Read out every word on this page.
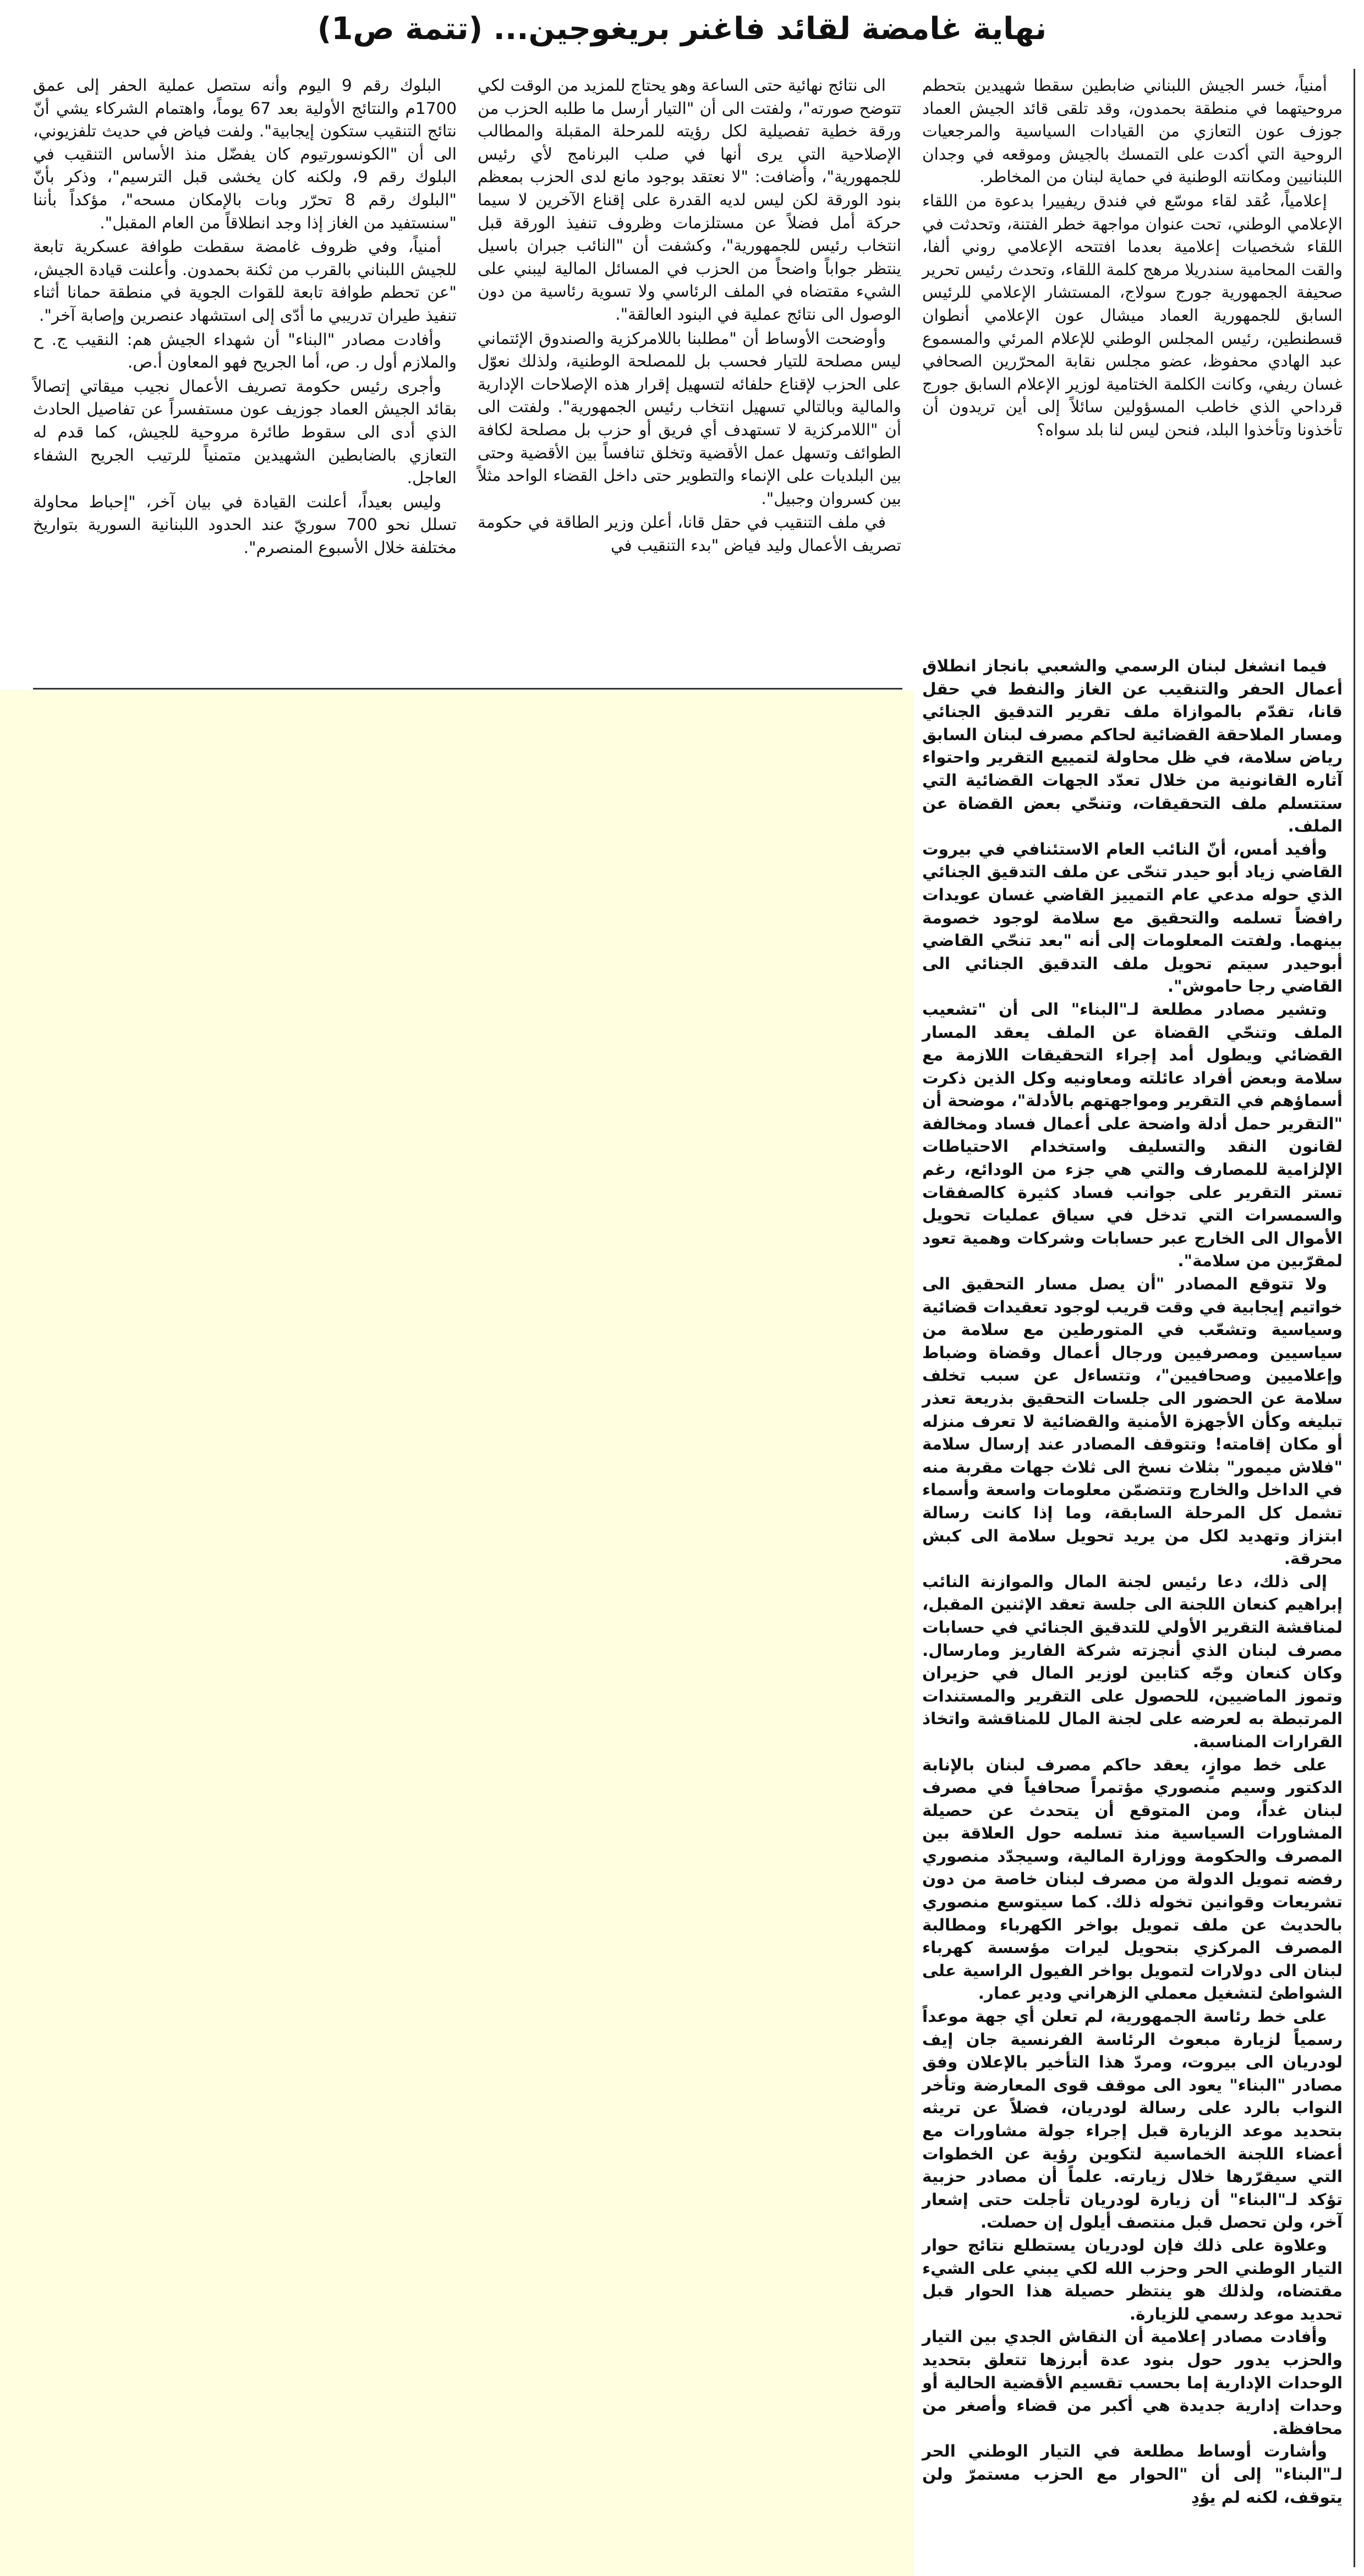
نهاية غامضة لقائد فاغنر بريغوجين... (تتمة ص1)

أمنياً، خسر الجيش اللبناني ضابطين سقطا شهيدين بتحطم مروحيتهما في منطقة بحمدون، وقد تلقى قائد الجيش العماد جوزف عون التعازي من القيادات السياسية والمرجعيات الروحية التي أكدت على التمسك بالجيش وموقعه في وجدان اللبنانيين ومكانته الوطنية في حماية لبنان من المخاطر.

إعلامياً، عُقد لقاء موسّع في فندق ريفييرا بدعوة من اللقاء الإعلامي الوطني، تحت عنوان مواجهة خطر الفتنة، وتحدثت في اللقاء شخصيات إعلامية بعدما افتتحه الإعلامي روني ألفا، والقت المحامية سندريلا مرهج كلمة اللقاء، وتحدث رئيس تحرير صحيفة الجمهورية جورج سولاج، المستشار الإعلامي للرئيس السابق للجمهورية العماد ميشال عون الإعلامي أنطوان قسطنطين، رئيس المجلس الوطني للإعلام المرئي والمسموع عبد الهادي محفوظ، عضو مجلس نقابة المحرّرين الصحافي غسان ريفي، وكانت الكلمة الختامية لوزير الإعلام السابق جورج قرداحي الذي خاطب المسؤولين سائلاً إلى أين تريدون أن تأخذونا وتأخذوا البلد، فنحن ليس لنا بلد سواه؟

فيما انشغل لبنان الرسمي والشعبي بانجاز انطلاق أعمال الحفر والتنقيب عن الغاز والنفط في حقل قانا، تقدّم بالموازاة ملف تقرير التدقيق الجنائي ومسار الملاحقة القضائية لحاكم مصرف لبنان السابق رياض سلامة، في ظل محاولة لتمييع التقرير واحتواء آثاره القانونية من خلال تعدّد الجهات القضائية التي ستتسلم ملف التحقيقات، وتنحّي بعض القضاة عن الملف.

وأفيد أمس، أنّ النائب العام الاستئنافي في بيروت القاضي زياد أبو حيدر تنحّى عن ملف التدقيق الجنائي الذي حوله مدعي عام التمييز القاضي غسان عويدات رافضاً تسلمه والتحقيق مع سلامة لوجود خصومة بينهما. ولفتت المعلومات إلى أنه "بعد تنحّي القاضي أبوحيدر سيتم تحويل ملف التدقيق الجنائي الى القاضي رجا حاموش".

وتشير مصادر مطلعة لـ"البناء" الى أن "تشعيب الملف وتنحّي القضاة عن الملف يعقد المسار القضائي ويطول أمد إجراء التحقيقات اللازمة مع سلامة وبعض أفراد عائلته ومعاونيه وكل الذين ذكرت أسماؤهم في التقرير ومواجهتهم بالأدلة"، موضحة أن "التقرير حمل أدلة واضحة على أعمال فساد ومخالفة لقانون النقد والتسليف واستخدام الاحتياطات الإلزامية للمصارف والتي هي جزء من الودائع، رغم تستر التقرير على جوانب فساد كثيرة كالصفقات والسمسرات التي تدخل في سياق عمليات تحويل الأموال الى الخارج عبر حسابات وشركات وهمية تعود لمقرّبين من سلامة".

ولا تتوقع المصادر "أن يصل مسار التحقيق الى خواتيم إيجابية في وقت قريب لوجود تعقيدات قضائية وسياسية وتشعّب في المتورطين مع سلامة من سياسيين ومصرفيين ورجال أعمال وقضاة وضباط وإعلاميين وصحافيين"، وتتساءل عن سبب تخلف سلامة عن الحضور الى جلسات التحقيق بذريعة تعذر تبليغه وكأن الأجهزة الأمنية والقضائية لا تعرف منزله أو مكان إقامته! وتتوقف المصادر عند إرسال سلامة "فلاش ميمور" بثلاث نسخ الى ثلاث جهات مقربة منه في الداخل والخارج وتتضمّن معلومات واسعة وأسماء تشمل كل المرحلة السابقة، وما إذا كانت رسالة ابتزاز وتهديد لكل من يريد تحويل سلامة الى كبش محرقة.

إلى ذلك، دعا رئيس لجنة المال والموازنة النائب إبراهيم كنعان اللجنة الى جلسة تعقد الإثنين المقبل، لمناقشة التقرير الأولي للتدقيق الجنائي في حسابات مصرف لبنان الذي أنجزته شركة الفاريز ومارسال. وكان كنعان وجّه كتابين لوزير المال في حزيران وتموز الماضيين، للحصول على التقرير والمستندات المرتبطة به لعرضه على لجنة المال للمناقشة واتخاذ القرارات المناسبة.

على خط موازٍ، يعقد حاكم مصرف لبنان بالإنابة الدكتور وسيم منصوري مؤتمراً صحافياً في مصرف لبنان غداً، ومن المتوقع أن يتحدث عن حصيلة المشاورات السياسية منذ تسلمه حول العلاقة بين المصرف والحكومة ووزارة المالية، وسيجدّد منصوري رفضه تمويل الدولة من مصرف لبنان خاصة من دون تشريعات وقوانين تخوله ذلك. كما سيتوسع منصوري بالحديث عن ملف تمويل بواخر الكهرباء ومطالبة المصرف المركزي بتحويل ليرات مؤسسة كهرباء لبنان الى دولارات لتمويل بواخر الفيول الراسية على الشواطئ لتشغيل معملي الزهراني ودير عمار.

على خط رئاسة الجمهورية، لم تعلن أي جهة موعداً رسمياً لزيارة مبعوث الرئاسة الفرنسية جان إيف لودريان الى بيروت، ومردّ هذا التأخير بالإعلان وفق مصادر "البناء" يعود الى موقف قوى المعارضة وتأخر النواب بالرد على رسالة لودريان، فضلاً عن تريثه بتحديد موعد الزيارة قبل إجراء جولة مشاورات مع أعضاء اللجنة الخماسية لتكوين رؤية عن الخطوات التي سيقرّرها خلال زيارته. علماً أن مصادر حزبية تؤكد لـ"البناء" أن زيارة لودريان تأجلت حتى إشعار آخر، ولن تحصل قبل منتصف أيلول إن حصلت.

وعلاوة على ذلك فإن لودريان يستطلع نتائج حوار التيار الوطني الحر وحزب الله لكي يبني على الشيء مقتضاه، ولذلك هو ينتظر حصيلة هذا الحوار قبل تحديد موعد رسمي للزيارة.

وأفادت مصادر إعلامية أن النقاش الجدي بين التيار والحزب يدور حول بنود عدة أبرزها تتعلق بتحديد الوحدات الإدارية إما بحسب تقسيم الأقضية الحالية أو وحدات إدارية جديدة هي أكبر من قضاء وأصغر من محافظة.

وأشارت أوساط مطلعة في التيار الوطني الحر لـ"البناء" إلى أن "الحوار مع الحزب مستمرّ ولن يتوقف، لكنه لم يؤدِ

الى نتائج نهائية حتى الساعة وهو يحتاج للمزيد من الوقت لكي تتوضح صورته"، ولفتت الى أن "التيار أرسل ما طلبه الحزب من ورقة خطية تفصيلية لكل رؤيته للمرحلة المقبلة والمطالب الإصلاحية التي يرى أنها في صلب البرنامج لأي رئيس للجمهورية"، وأضافت: "لا نعتقد بوجود مانع لدى الحزب بمعظم بنود الورقة لكن ليس لديه القدرة على إقناع الآخرين لا سيما حركة أمل فضلاً عن مستلزمات وظروف تنفيذ الورقة قبل انتخاب رئيس للجمهورية"، وكشفت أن "النائب جبران باسيل ينتظر جواباً واضحاً من الحزب في المسائل المالية ليبني على الشيء مقتضاه في الملف الرئاسي ولا تسوية رئاسية من دون الوصول الى نتائج عملية في البنود العالقة".

وأوضحت الأوساط أن "مطلبنا باللامركزية والصندوق الإئتماني ليس مصلحة للتيار فحسب بل للمصلحة الوطنية، ولذلك نعوّل على الحزب لإقناع حلفائه لتسهيل إقرار هذه الإصلاحات الإدارية والمالية وبالتالي تسهيل انتخاب رئيس الجمهورية". ولفتت الى أن "اللامركزية لا تستهدف أي فريق أو حزب بل مصلحة لكافة الطوائف وتسهل عمل الأقضية وتخلق تنافساً بين الأقضية وحتى بين البلديات على الإنماء والتطوير حتى داخل القضاء الواحد مثلاً بين كسروان وجبيل".

في ملف التنقيب في حقل قانا، أعلن وزير الطاقة في حكومة تصريف الأعمال وليد فياض "بدء التنقيب في

البلوك رقم 9 اليوم وأنه ستصل عملية الحفر إلى عمق 1700م والنتائج الأولية بعد 67 يوماً، واهتمام الشركاء يشي أنّ نتائج التنقيب ستكون إيجابية". ولفت فياض في حديث تلفزيوني، الى أن "الكونسورتيوم كان يفضّل منذ الأساس التنقيب في البلوك رقم 9، ولكنه كان يخشى قبل الترسيم"، وذكر بأنّ "البلوك رقم 8 تحرّر وبات بالإمكان مسحه"، مؤكداً بأننا "سنستفيد من الغاز إذا وجد انطلاقاً من العام المقبل".

أمنياً، وفي ظروف غامضة سقطت طوافة عسكرية تابعة للجيش اللبناني بالقرب من ثكنة بحمدون. وأعلنت قيادة الجيش، "عن تحطم طوافة تابعة للقوات الجوية في منطقة حمانا أثناء تنفيذ طيران تدريبي ما أدّى إلى استشهاد عنصرين وإصابة آخر".

وأفادت مصادر "البناء" أن شهداء الجيش هم: النقيب ج. ح والملازم أول ر. ص، أما الجريح فهو المعاون أ.ص.

وأجرى رئيس حكومة تصريف الأعمال نجيب ميقاتي إتصالاً بقائد الجيش العماد جوزيف عون مستفسراً عن تفاصيل الحادث الذي أدى الى سقوط طائرة مروحية للجيش، كما قدم له التعازي بالضابطين الشهيدين متمنياً للرتيب الجريح الشفاء العاجل.

وليس بعيداً، أعلنت القيادة في بيان آخر، "إحباط محاولة تسلل نحو 700 سوريّ عند الحدود اللبنانية السورية بتواريخ مختلفة خلال الأسبوع المنصرم".
